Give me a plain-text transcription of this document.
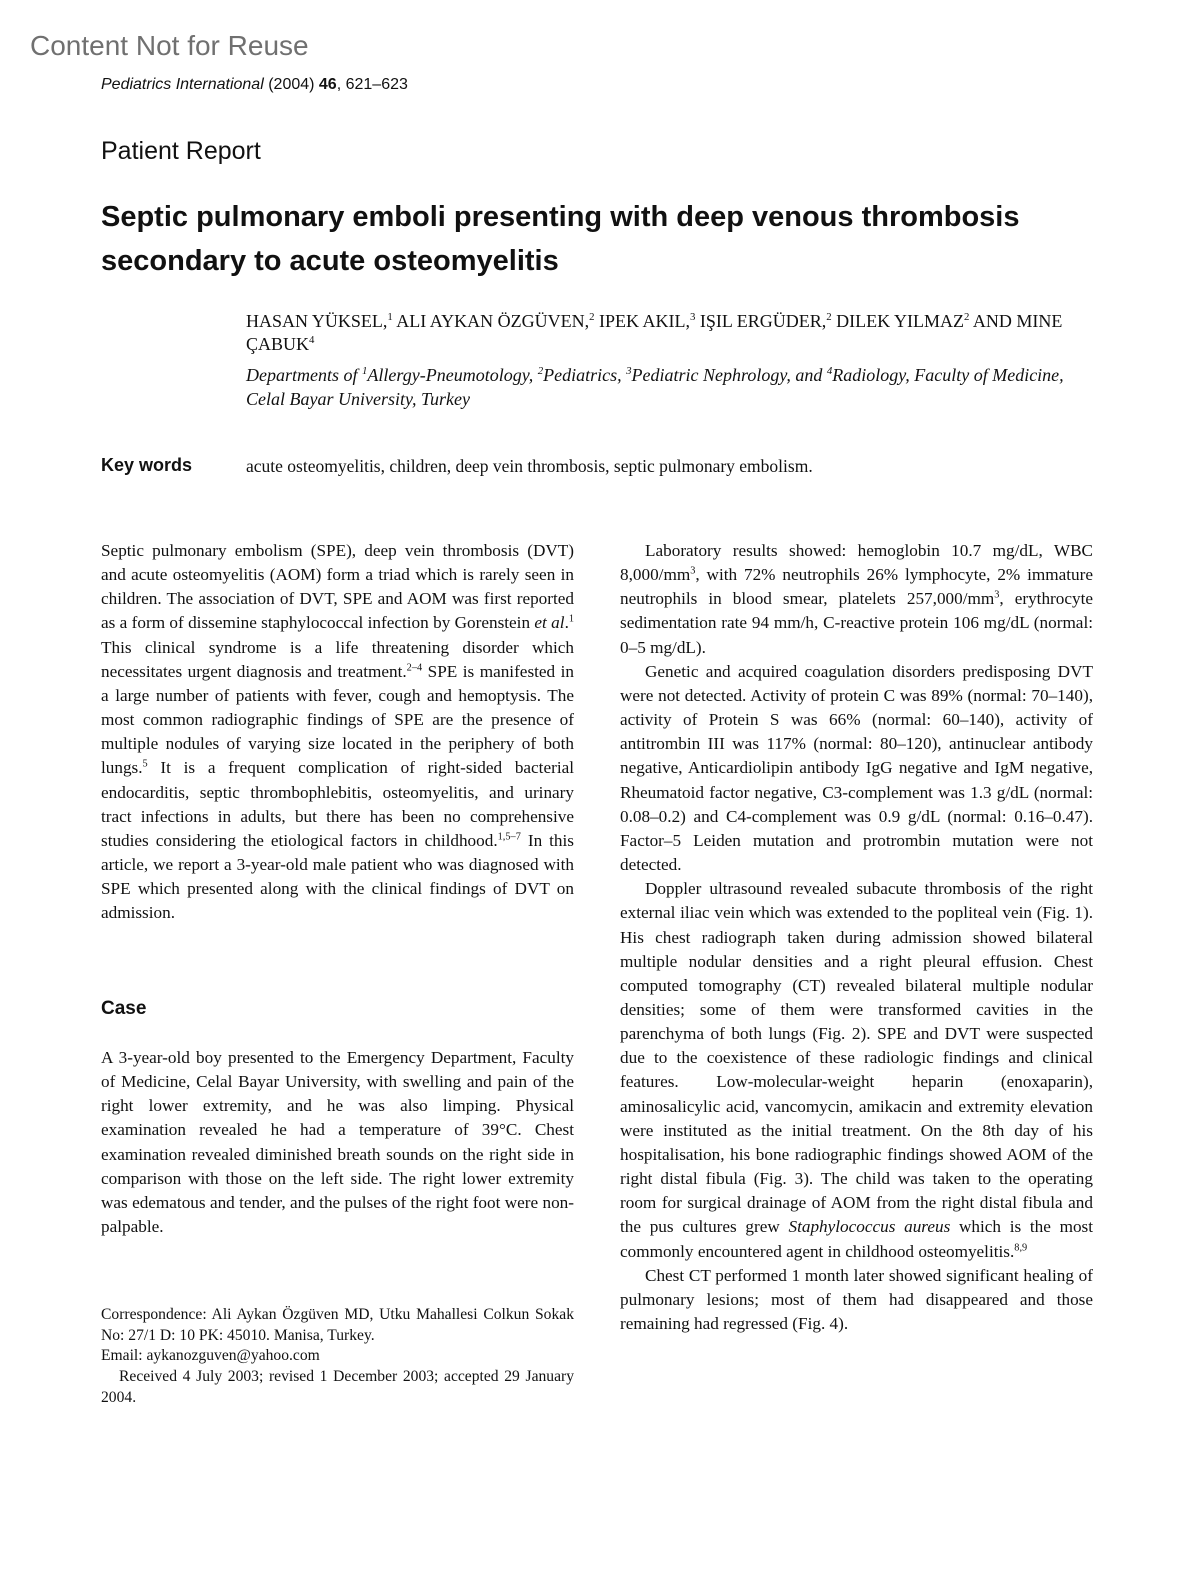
Content Not for Reuse
Pediatrics International (2004) 46, 621–623
Patient Report
Septic pulmonary emboli presenting with deep venous thrombosis secondary to acute osteomyelitis
HASAN YÜKSEL,$^1$ ALI AYKAN ÖZGÜVEN,$^2$ IPEK AKIL,$^3$ IŞIL ERGÜDER,$^2$ DILEK YILMAZ$^2$ AND MINE ÇABUK$^4$
Departments of $^1$Allergy-Pneumotology, $^2$Pediatrics, $^3$Pediatric Nephrology, and $^4$Radiology, Faculty of Medicine, Celal Bayar University, Turkey
Key words	acute osteomyelitis, children, deep vein thrombosis, septic pulmonary embolism.

Septic pulmonary embolism (SPE), deep vein thrombosis (DVT) and acute osteomyelitis (AOM) form a triad which is rarely seen in children. The association of DVT, SPE and AOM was first reported as a form of dissemine staphylococcal infection by Gorenstein et al.$^1$ This clinical syndrome is a life threatening disorder which necessitates urgent diagnosis and treatment.$^{2-4}$ SPE is manifested in a large number of patients with fever, cough and hemoptysis. The most common radiographic findings of SPE are the presence of multiple nodules of varying size located in the periphery of both lungs.$^5$ It is a frequent complication of right-sided bacterial endocarditis, septic thrombophlebitis, osteomyelitis, and urinary tract infections in adults, but there has been no comprehensive studies considering the etiological factors in childhood.$^{1,5-7}$ In this article, we report a 3-year-old male patient who was diagnosed with SPE which presented along with the clinical findings of DVT on admission.

Case

A 3-year-old boy presented to the Emergency Department, Faculty of Medicine, Celal Bayar University, with swelling and pain of the right lower extremity, and he was also limping. Physical examination revealed he had a temperature of 39°C. Chest examination revealed diminished breath sounds on the right side in comparison with those on the left side. The right lower extremity was edematous and tender, and the pulses of the right foot were non-palpable.

Correspondence: Ali Aykan Özgüven MD, Utku Mahallesi Colkun Sokak No: 27/1 D: 10 PK: 45010. Manisa, Turkey.

Email: aykanozguven@yahoo.com

Received 4 July 2003; revised 1 December 2003; accepted 29 January 2004.

Laboratory results showed: hemoglobin 10.7 mg/dL, WBC $8,000/mm^3$, with 72% neutrophils 26% lymphocyte, 2% immature neutrophils in blood smear, platelets $257,000/mm^3$, erythrocyte sedimentation rate 94 mm/h, C-reactive protein 106 mg/dL (normal: 0–5 mg/dL).

Genetic and acquired coagulation disorders predisposing DVT were not detected. Activity of protein C was 89% (normal: 70–140), activity of Protein S was 66% (normal: 60–140), activity of antitrombin III was 117% (normal: 80–120), antinuclear antibody negative, Anticardiolipin antibody IgG negative and IgM negative, Rheumatoid factor negative, C3-complement was 1.3 g/dL (normal: 0.08–0.2) and C4-complement was 0.9 g/dL (normal: 0.16–0.47). Factor–5 Leiden mutation and protrombin mutation were not detected.

Doppler ultrasound revealed subacute thrombosis of the right external iliac vein which was extended to the popliteal vein (Fig. 1). His chest radiograph taken during admission showed bilateral multiple nodular densities and a right pleural effusion. Chest computed tomography (CT) revealed bilateral multiple nodular densities; some of them were transformed cavities in the parenchyma of both lungs (Fig. 2). SPE and DVT were suspected due to the coexistence of these radiologic findings and clinical features. Low-molecular-weight heparin (enoxaparin), aminosalicylic acid, vancomycin, amikacin and extremity elevation were instituted as the initial treatment. On the 8th day of his hospitalisation, his bone radiographic findings showed AOM of the right distal fibula (Fig. 3). The child was taken to the operating room for surgical drainage of AOM from the right distal fibula and the pus cultures grew Staphylococcus aureus which is the most commonly encountered agent in childhood osteomyelitis.$^{8,9}$

Chest CT performed 1 month later showed significant healing of pulmonary lesions; most of them had disappeared and those remaining had regressed (Fig. 4).
